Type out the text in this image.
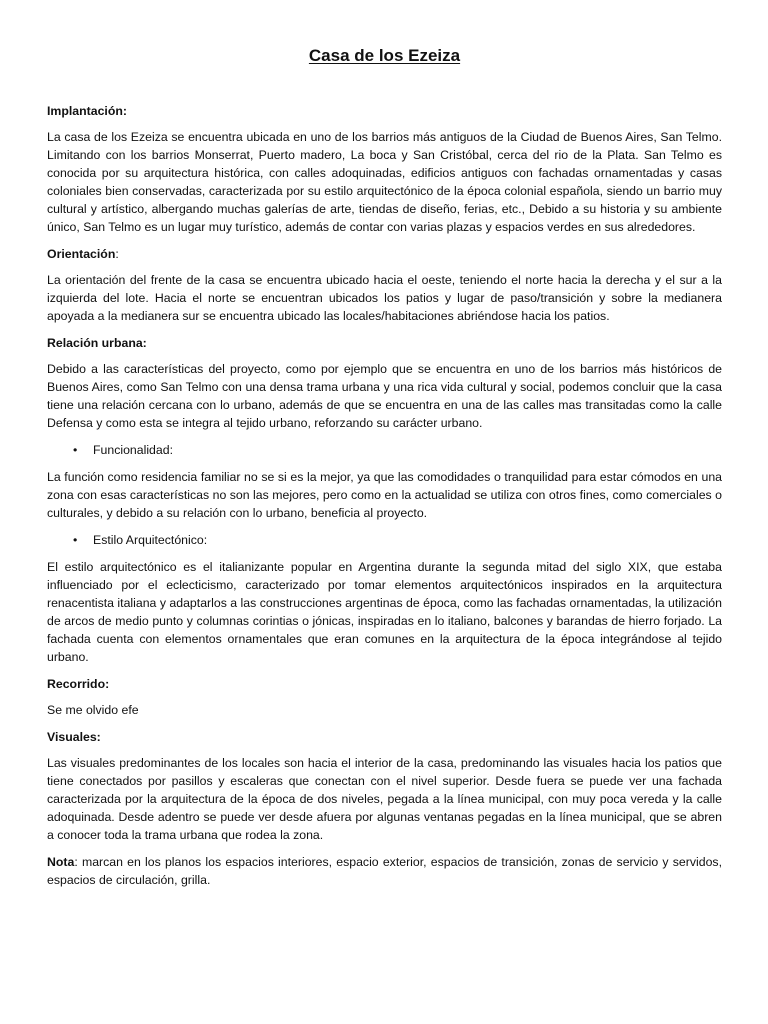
Casa de los Ezeiza
Implantación:

La casa de los Ezeiza se encuentra ubicada en uno de los barrios más antiguos de la Ciudad de Buenos Aires, San Telmo. Limitando con los barrios Monserrat, Puerto madero, La boca y San Cristóbal, cerca del rio de la Plata. San Telmo es conocida por su arquitectura histórica, con calles adoquinadas, edificios antiguos con fachadas ornamentadas y casas coloniales bien conservadas, caracterizada por su estilo arquitectónico de la época colonial española, siendo un barrio muy cultural y artístico, albergando muchas galerías de arte, tiendas de diseño, ferias, etc., Debido a su historia y su ambiente único, San Telmo es un lugar muy turístico, además de contar con varias plazas y espacios verdes en sus alrededores.

Orientación:

La orientación del frente de la casa se encuentra ubicado hacia el oeste, teniendo el norte hacia la derecha y el sur a la izquierda del lote. Hacia el norte se encuentran ubicados los patios y lugar de paso/transición y sobre la medianera apoyada a la medianera sur se encuentra ubicado las locales/habitaciones abriéndose hacia los patios.

Relación urbana:

Debido a las características del proyecto, como por ejemplo que se encuentra en uno de los barrios más históricos de Buenos Aires, como San Telmo con una densa trama urbana y una rica vida cultural y social, podemos concluir que la casa tiene una relación cercana con lo urbano, además de que se encuentra en una de las calles mas transitadas como la calle Defensa y como esta se integra al tejido urbano, reforzando su carácter urbano.

• Funcionalidad:

La función como residencia familiar no se si es la mejor, ya que las comodidades o tranquilidad para estar cómodos en una zona con esas características no son las mejores, pero como en la actualidad se utiliza con otros fines, como comerciales o culturales, y debido a su relación con lo urbano, beneficia al proyecto.

• Estilo Arquitectónico:

El estilo arquitectónico es el italianizante popular en Argentina durante la segunda mitad del siglo XIX, que estaba influenciado por el eclecticismo, caracterizado por tomar elementos arquitectónicos inspirados en la arquitectura renacentista italiana y adaptarlos a las construcciones argentinas de época, como las fachadas ornamentadas, la utilización de arcos de medio punto y columnas corintias o jónicas, inspiradas en lo italiano, balcones y barandas de hierro forjado. La fachada cuenta con elementos ornamentales que eran comunes en la arquitectura de la época integrándose al tejido urbano.

Recorrido:

Se me olvido efe

Visuales:

Las visuales predominantes de los locales son hacia el interior de la casa, predominando las visuales hacia los patios que tiene conectados por pasillos y escaleras que conectan con el nivel superior. Desde fuera se puede ver una fachada caracterizada por la arquitectura de la época de dos niveles, pegada a la línea municipal, con muy poca vereda y la calle adoquinada. Desde adentro se puede ver desde afuera por algunas ventanas pegadas en la línea municipal, que se abren a conocer toda la trama urbana que rodea la zona.

Nota: marcan en los planos los espacios interiores, espacio exterior, espacios de transición, zonas de servicio y servidos, espacios de circulación, grilla.
